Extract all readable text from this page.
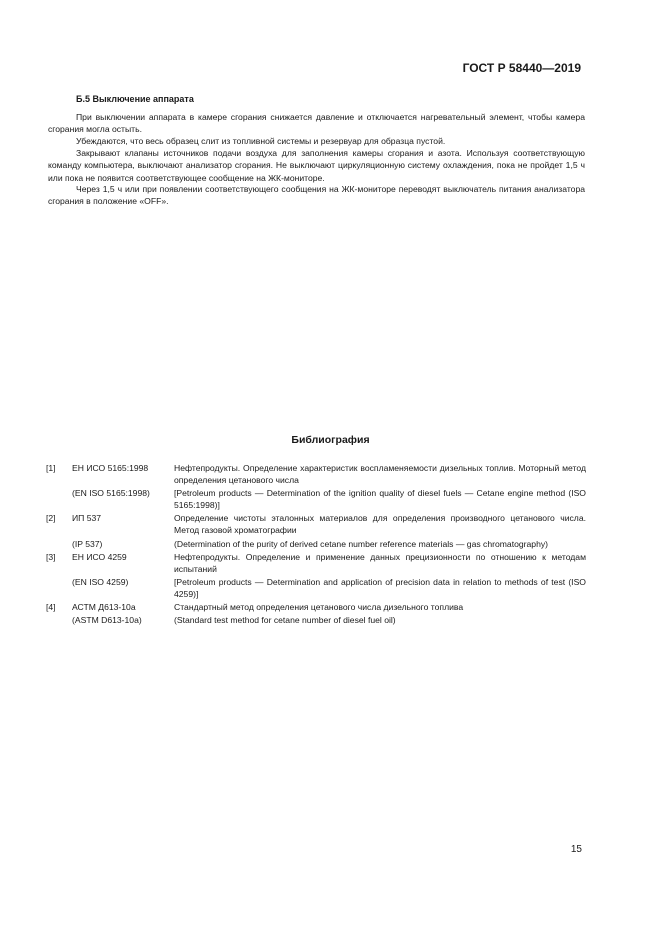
ГОСТ Р 58440—2019
Б.5 Выключение аппарата
При выключении аппарата в камере сгорания снижается давление и отключается нагревательный элемент, чтобы камера сгорания могла остыть.
Убеждаются, что весь образец слит из топливной системы и резервуар для образца пустой.
Закрывают клапаны источников подачи воздуха для заполнения камеры сгорания и азота. Используя соответствующую команду компьютера, выключают анализатор сгорания. Не выключают циркуляционную систему охлаждения, пока не пройдет 1,5 ч или пока не появится соответствующее сообщение на ЖК-мониторе.
Через 1,5 ч или при появлении соответствующего сообщения на ЖК-мониторе переводят выключатель питания анализатора сгорания в положение «OFF».
Библиография
[1]	ЕН ИСО 5165:1998	Нефтепродукты. Определение характеристик воспламеняемости дизельных топлив. Моторный метод определения цетанового числа
(EN ISO 5165:1998)	[Petroleum products — Determination of the ignition quality of diesel fuels — Cetane engine method (ISO 5165:1998)]
[2]	ИП 537	Определение чистоты эталонных материалов для определения производного цетанового числа. Метод газовой хроматографии
(IP 537)	(Determination of the purity of derived cetane number reference materials — gas chromatography)
[3]	ЕН ИСО 4259	Нефтепродукты. Определение и применение данных прецизионности по отношению к методам испытаний
(EN ISO 4259)	[Petroleum products — Determination and application of precision data in relation to methods of test (ISO 4259)]
[4]	АСТМ Д613-10а	Стандартный метод определения цетанового числа дизельного топлива
(ASTM D613-10a)	(Standard test method for cetane number of diesel fuel oil)
15
